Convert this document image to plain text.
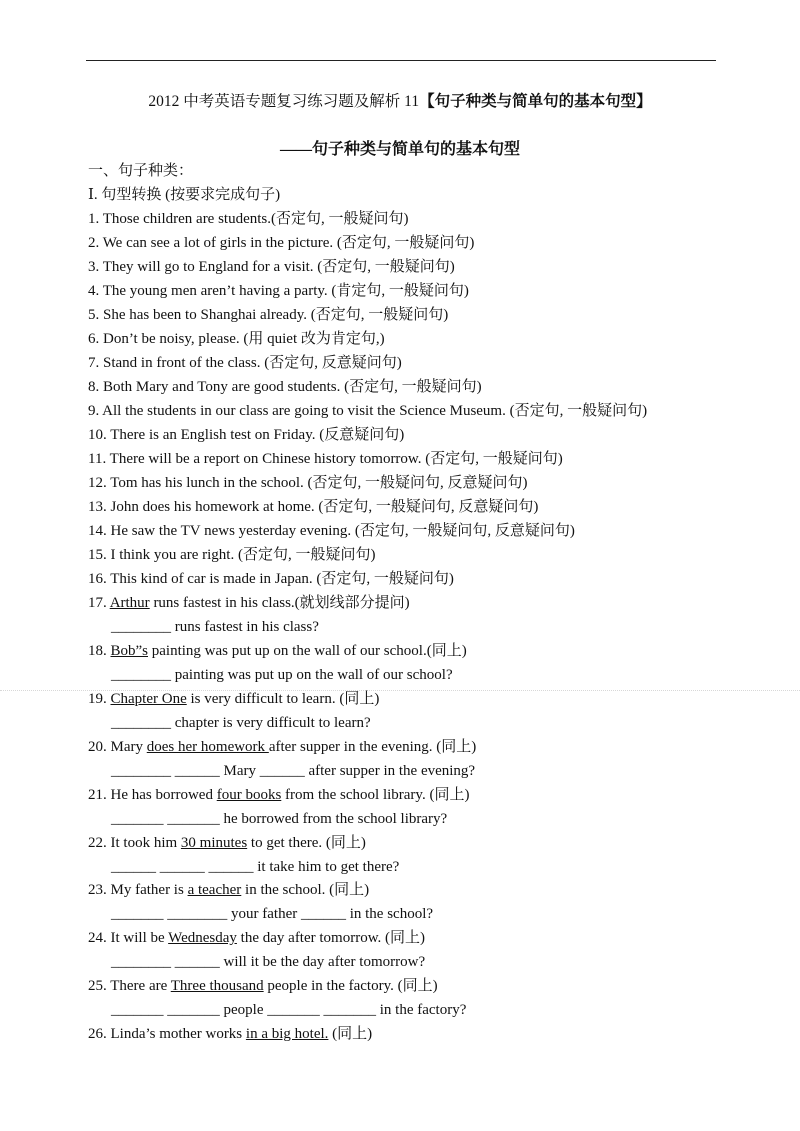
2012 中考英语专题复习练习题及解析 11【句子种类与简单句的基本句型】
——句子种类与简单句的基本句型
一、句子种类：
Ⅰ. 句型转换 (按要求完成句子)
1. Those children are students.(否定句, 一般疑问句)
2. We can see a lot of girls in the picture. (否定句, 一般疑问句)
3. They will go to England for a visit. (否定句, 一般疑问句)
4. The young men aren’t having a party. (肯定句, 一般疑问句)
5. She has been to Shanghai already. (否定句, 一般疑问句)
6. Don’t be noisy, please. (用 quiet 改为肯定句,)
7. Stand in front of the class. (否定句, 反意疑问句)
8. Both Mary and Tony are good students. (否定句, 一般疑问句)
9. All the students in our class are going to visit the Science Museum. (否定句, 一般疑问句)
10. There is an English test on Friday. (反意疑问句)
11. There will be a report on Chinese history tomorrow. (否定句, 一般疑问句)
12. Tom has his lunch in the school. (否定句, 一般疑问句, 反意疑问句)
13. John does his homework at home. (否定句, 一般疑问句, 反意疑问句)
14. He saw the TV news yesterday evening. (否定句, 一般疑问句, 反意疑问句)
15. I think you are right. (否定句, 一般疑问句)
16. This kind of car is made in Japan. (否定句, 一般疑问句)
17. Arthur runs fastest in his class.(就划线部分提问)
________ runs fastest in his class?
18. Bob”s painting was put up on the wall of our school.(同上)
________ painting was put up on the wall of our school?
19. Chapter One is very difficult to learn. (同上)
________ chapter is very difficult to learn?
20. Mary does her homework after supper in the evening. (同上)
________ ______ Mary ______ after supper in the evening?
21. He has borrowed four books from the school library. (同上)
_______ _______ he borrowed from the school library?
22. It took him 30 minutes to get there. (同上)
______ ______ ______ it take him to get there?
23. My father is a teacher in the school. (同上)
_______ ________ your father ______ in the school?
24. It will be Wednesday the day after tomorrow. (同上)
________ ______ will it be the day after tomorrow?
25. There are Three thousand people in the factory. (同上)
_______ _______ people _______ _______ in the factory?
26. Linda’s mother works in a big hotel. (同上)
